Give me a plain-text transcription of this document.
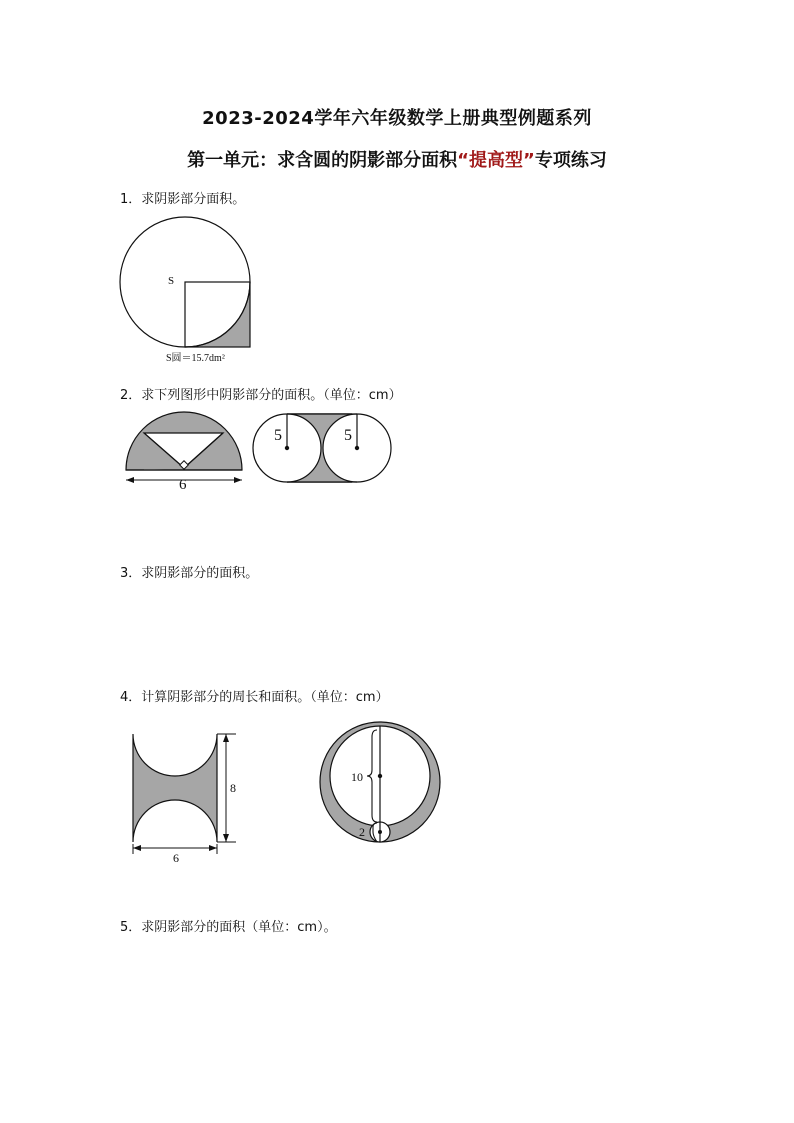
2023-2024学年六年级数学上册典型例题系列
第一单元：求含圆的阴影部分面积“提高型”专项练习
1．求阴影部分面积。
S
S圆＝15.7dm²
2．求下列图形中阴影部分的面积。（单位：cm）
6
5	5
3．求阴影部分的面积。
4．计算阴影部分的周长和面积。（单位：cm）
8
6
10
2
5．求阴影部分的面积（单位：cm）。
